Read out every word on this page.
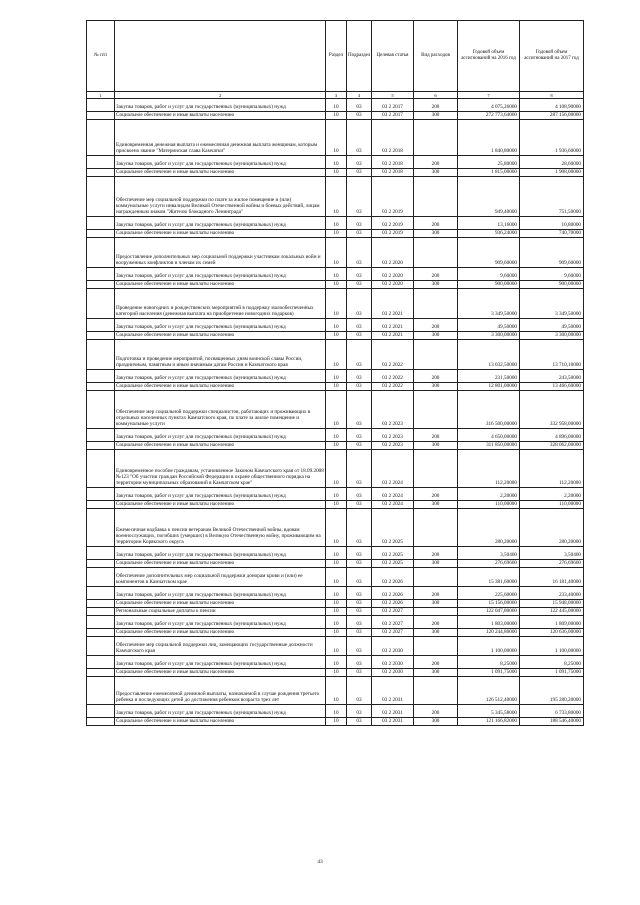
№ п/п		Раздел	Подраздел	Целевая статья	Вид расходов	Годовой объем ассигнований на 2016 год	Годовой объем ассигнований на 2017 год
1	2	3	4	5	6	7	8
	Закупка товаров, работ и услуг для государственных (муниципальных) нужд	10	03	03 2 2017	200	4 075,26000	4 108,90000
	Социальное обеспечение и иные выплаты населению	10	03	03 2 2017	300	272 773,64000	287 156,00000
	Единовременная денежная выплата и ежемесячная денежная выплата женщинам, которым присвоено звание "Материнская слава Камчатки"	10	03	03 2 2018		1 840,80000	1 936,60000
	Закупка товаров, работ и услуг для государственных (муниципальных) нужд	10	03	03 2 2018	200	25,80000	28,60000
	Социальное обеспечение и иные выплаты населению	10	03	03 2 2018	300	1 815,00000	1 908,00000
	Обеспечение мер социальной поддержки по плате за жилое помещение и (или) коммунальные услуги инвалидам Великой Отечественной войны и боевых действий, лицам награжденным знаком "Жителю блокадного Ленинграда"	10	03	03 2 2019		949,40000	751,50000
	Закупка товаров, работ и услуг для государственных (муниципальных) нужд	10	03	03 2 2019	200	13,16000	10,80000
	Социальное обеспечение и иные выплаты населению	10	03	03 2 2019	300	936,24000	740,70000
	Предоставление дополнительных мер социальной поддержки участникам локальных войн и вооруженных конфликтов и членам их семей	10	03	03 2 2020		909,60000	909,60000
	Закупка товаров, работ и услуг для государственных (муниципальных) нужд	10	03	03 2 2020	200	9,60000	9,60000
	Социальное обеспечение и иные выплаты населению	10	03	03 2 2020	300	900,00000	900,00000
	Проведение новогодних и рождественских мероприятий в поддержку малообеспеченных категорий населения (денежная выплата на приобретение новогодних подарков)	10	03	03 2 2021		3 349,50000	3 349,50000
	Закупка товаров, работ и услуг для государственных (муниципальных) нужд	10	03	03 2 2021	200	49,50000	49,50000
	Социальное обеспечение и иные выплаты населению	10	03	03 2 2021	300	3 300,00000	3 300,00000
	Подготовка и проведение мероприятий, посвященных дням воинской славы России, праздничным, памятным и иным значимым датам России и Камчатского края	10	03	03 2 2022		13 032,50000	13 710,10000
	Закупка товаров, работ и услуг для государственных (муниципальных) нужд	10	03	03 2 2022	200	231,50000	243,50000
	Социальное обеспечение и иные выплаты населению	10	03	03 2 2022	300	12 801,00000	13 466,60000
	Обеспечение мер социальной поддержки специалистов, работающих и проживающих в отдельных населенных пунктах Камчатского края, по плате за жилое помещение и коммунальные услуги	10	03	03 2 2023		316 500,00000	332 958,00000
	Закупка товаров, работ и услуг для государственных (муниципальных) нужд	10	03	03 2 2023	200	4 650,00000	4 896,00000
	Социальное обеспечение и иные выплаты населению	10	03	03 2 2023	300	311 850,00000	328 062,00000
	Единовременное пособие гражданам, установленное Законом Камчатского края от 18.09.2008 №123 "Об участии граждан Российской Федерации в охране общественного порядка на территории муниципальных образований в Камчатском крае"	10	03	03 2 2024		112,20000	112,20000
	Закупка товаров, работ и услуг для государственных (муниципальных) нужд	10	03	03 2 2024	200	2,20000	2,20000
	Социальное обеспечение и иные выплаты населению	10	03	03 2 2024	300	110,00000	110,00000
	Ежемесячная надбавка к пенсии ветеранам Великой Отечественной войны, вдовам военнослужащих, погибших (умерших) в Великую Отечественную войну, проживающим на территории Корякского округа	10	03	03 2 2025		280,20000	280,20000
	Закупка товаров, работ и услуг для государственных (муниципальных) нужд	10	03	03 2 2025	200	3,50400	3,50400
	Социальное обеспечение и иные выплаты населению	10	03	03 2 2025	300	276,69600	276,69600
	Обеспечение дополнительных мер социальной поддержки донорам крови и (или) ее компонентов в Камчатском крае	10	03	03 2 2026		15 381,60000	16 181,40000
	Закупка товаров, работ и услуг для государственных (муниципальных) нужд	10	03	03 2 2026	200	225,60000	233,40000
	Социальное обеспечение и иные выплаты населению	10	03	03 2 2026	300	15 156,00000	15 948,00000
	Региональные социальные доплаты к пенсии	10	03	03 2 2027		122 047,80000	122 445,00000
	Закупка товаров, работ и услуг для государственных (муниципальных) нужд	10	03	03 2 2027	200	1 803,00000	1 809,00000
	Социальное обеспечение и иные выплаты населению	10	03	03 2 2027	300	120 244,80000	120 636,00000
	Обеспечение мер социальной поддержки лиц, замещающих государственные должности Камчатского края	10	03	03 2 2030		1 100,00000	1 100,00000
	Закупка товаров, работ и услуг для государственных (муниципальных) нужд	10	03	03 2 2030	200	8,25000	8,25000
	Социальное обеспечение и иные выплаты населению	10	03	03 2 2030	300	1 091,75000	1 091,75000
	Предоставление ежемесячной денежной выплаты, назначаемой в случае рождения третьего ребенка и последующих детей до достижения ребенком возраста трех лет	10	03	03 2 2031		126 512,40000	195 280,20000
	Закупка товаров, работ и услуг для государственных (муниципальных) нужд	10	03	03 2 2031	200	5 345,58000	6 733,80000
	Социальное обеспечение и иные выплаты населению	10	03	03 2 2031	300	121 166,82000	188 546,40000
43
